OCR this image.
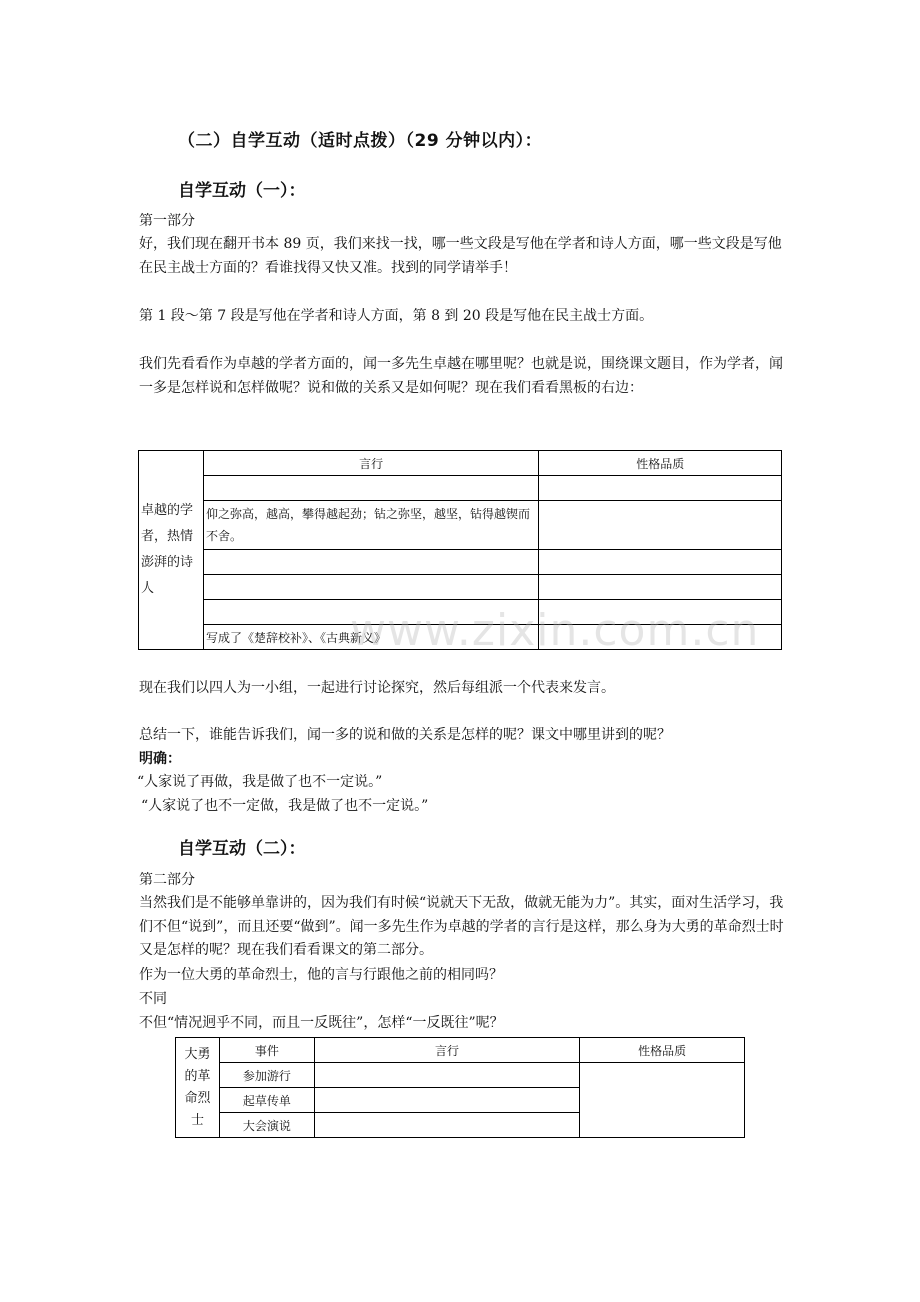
（二）自学互动（适时点拨）（29 分钟以内）：
自学互动（一）：
第一部分
好，我们现在翻开书本 89 页，我们来找一找，哪一些文段是写他在学者和诗人方面，哪一些文段是写他在民主战士方面的？看谁找得又快又准。找到的同学请举手！
第 1 段～第 7 段是写他在学者和诗人方面，第 8 到 20 段是写他在民主战士方面。
我们先看看作为卓越的学者方面的，闻一多先生卓越在哪里呢？也就是说，围绕课文题目，作为学者，闻一多是怎样说和怎样做呢？说和做的关系又是如何呢？现在我们看看黑板的右边：
卓越的学者，热情澎湃的诗人	言行	性格品质

	仰之弥高，越高，攀得越起劲；钻之弥坚，越坚，钻得越锲而不舍。	

	写成了《楚辞校补》、《古典新义》	
www.zixin.com.cn
现在我们以四人为一小组，一起进行讨论探究，然后每组派一个代表来发言。
总结一下，谁能告诉我们，闻一多的说和做的关系是怎样的呢？课文中哪里讲到的呢？
明确：
“人家说了再做，我是做了也不一定说。”
“人家说了也不一定做，我是做了也不一定说。”
自学互动（二）：
第二部分
当然我们是不能够单靠讲的，因为我们有时候“说就天下无敌，做就无能为力”。其实，面对生活学习，我们不但“说到”，而且还要“做到”。闻一多先生作为卓越的学者的言行是这样，那么身为大勇的革命烈士时又是怎样的呢？现在我们看看课文的第二部分。
作为一位大勇的革命烈士，他的言与行跟他之前的相同吗？
不同
不但“情况迥乎不同，而且一反既往”，怎样“一反既往”呢？
大勇的革命烈士	事件	言行	性格品质
	参加游行		
	起草传单		
	大会演说		
